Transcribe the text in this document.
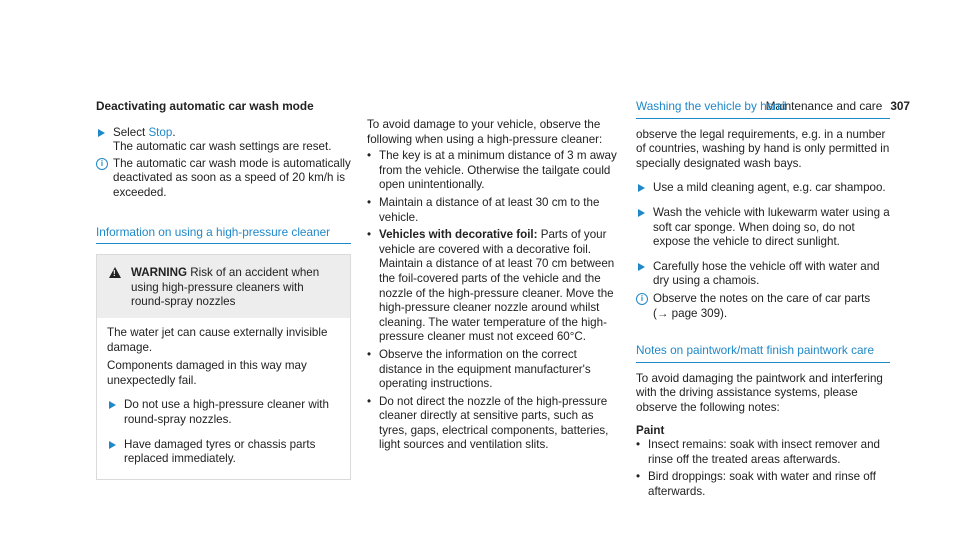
Maintenance and care 307
Deactivating automatic car wash mode

Select Stop.

The automatic car wash settings are reset.

i The automatic car wash mode is automatically deactivated as soon as a speed of 20 km/h is exceeded.

Information on using a high-pressure cleaner
! WARNING Risk of an accident when using high-pressure cleaners with round-spray nozzles

The water jet can cause externally invisible damage.

Components damaged in this way may unexpectedly fail.

Do not use a high-pressure cleaner with round-spray nozzles.

Have damaged tyres or chassis parts replaced immediately.

To avoid damage to your vehicle, observe the following when using a high-pressure cleaner:

• The key is at a minimum distance of 3 m away from the vehicle. Otherwise the tailgate could open unintentionally.
• Maintain a distance of at least 30 cm to the vehicle.
• Vehicles with decorative foil: Parts of your vehicle are covered with a decorative foil. Maintain a distance of at least 70 cm between the foil-covered parts of the vehicle and the nozzle of the high-pressure cleaner. Move the high-pressure cleaner nozzle around whilst cleaning. The water temperature of the high-pressure cleaner must not exceed 60°C.
• Observe the information on the correct distance in the equipment manufacturer's operating instructions.
• Do not direct the nozzle of the high-pressure cleaner directly at sensitive parts, such as tyres, gaps, electrical components, batteries, light sources and ventilation slits.
Washing the vehicle by hand

observe the legal requirements, e.g. in a number of countries, washing by hand is only permitted in specially designated wash bays.

Use a mild cleaning agent, e.g. car shampoo.

Wash the vehicle with lukewarm water using a soft car sponge. When doing so, do not expose the vehicle to direct sunlight.

Carefully hose the vehicle off with water and dry using a chamois.

i Observe the notes on the care of car parts

(→ page 309).

Notes on paintwork/matt finish paintwork care

To avoid damaging the paintwork and interfering with the driving assistance systems, please observe the following notes:

Paint

• Insect remains: soak with insect remover and rinse off the treated areas afterwards.
• Bird droppings: soak with water and rinse off afterwards.
